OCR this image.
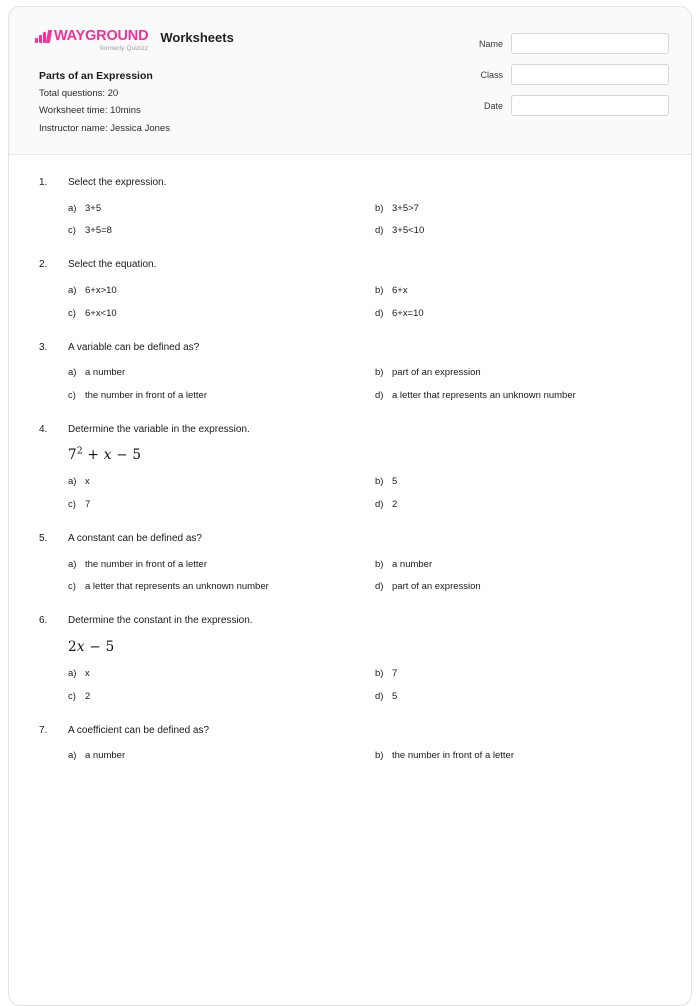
WAYGROUND
formerly Quizizz
Worksheets
Parts of an Expression
Total questions: 20
Worksheet time: 10mins
Instructor name: Jessica Jones
Name
Class
Date
1.	Select the expression.
a) 3+5	b) 3+5>7
c) 3+5=8	d) 3+5<10
2.	Select the equation.
a) 6+x>10	b) 6+x
c) 6+x<10	d) 6+x=10
3.	A variable can be defined as?
a) a number	b) part of an expression
c) the number in front of a letter	d) a letter that represents an unknown number
4.	Determine the variable in the expression.
$7^2 + x - 5$
a) x	b) 5
c) 7	d) 2
5.	A constant can be defined as?
a) the number in front of a letter	b) a number
c) a letter that represents an unknown number	d) part of an expression
6.	Determine the constant in the expression.
2x − 5
a) x	b) 7
c) 2	d) 5
7.	A coefficient can be defined as?
a) a number	b) the number in front of a letter
